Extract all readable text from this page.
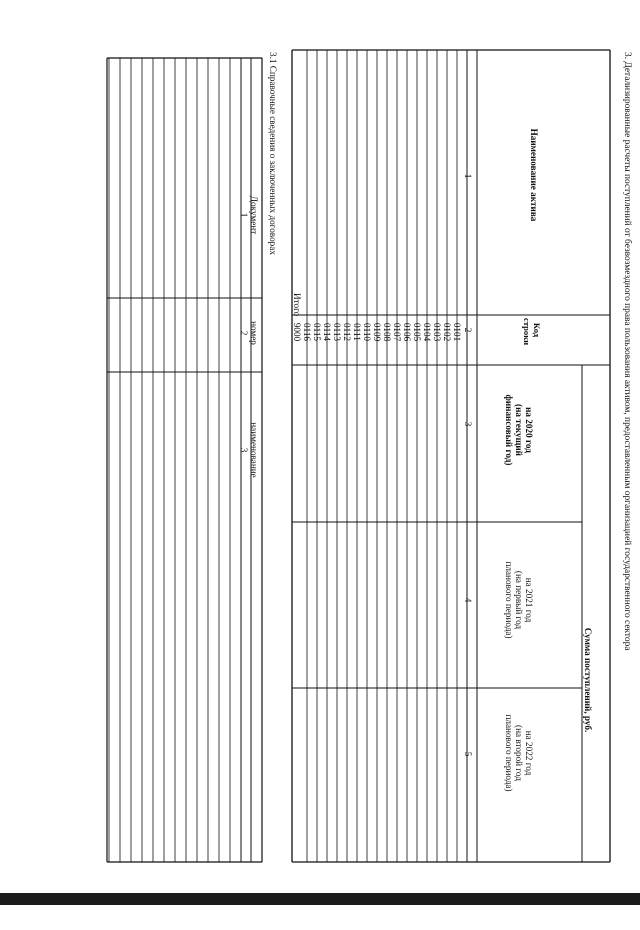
3. Детализированные расчеты поступлений от безвозмездного права пользования активом, предоставленным организацией государственного сектора
Наименование актива
Код строки
Сумма поступлений, руб.
на 2020 год
(на текущий
финансовый год)
на 2021 год
(на первый год
планового периода)
на 2022 год
(на второй год
планового периода)
1
2
3
4
5
0101
0102
0103
0104
0105
0106
0107
0108
0109
0110
0111
0112
0113
0114
0115
0116
Итого
9000
3.1 Справочные сведения о заключенных договорах
Документ
1
номер
2
наименование
3
